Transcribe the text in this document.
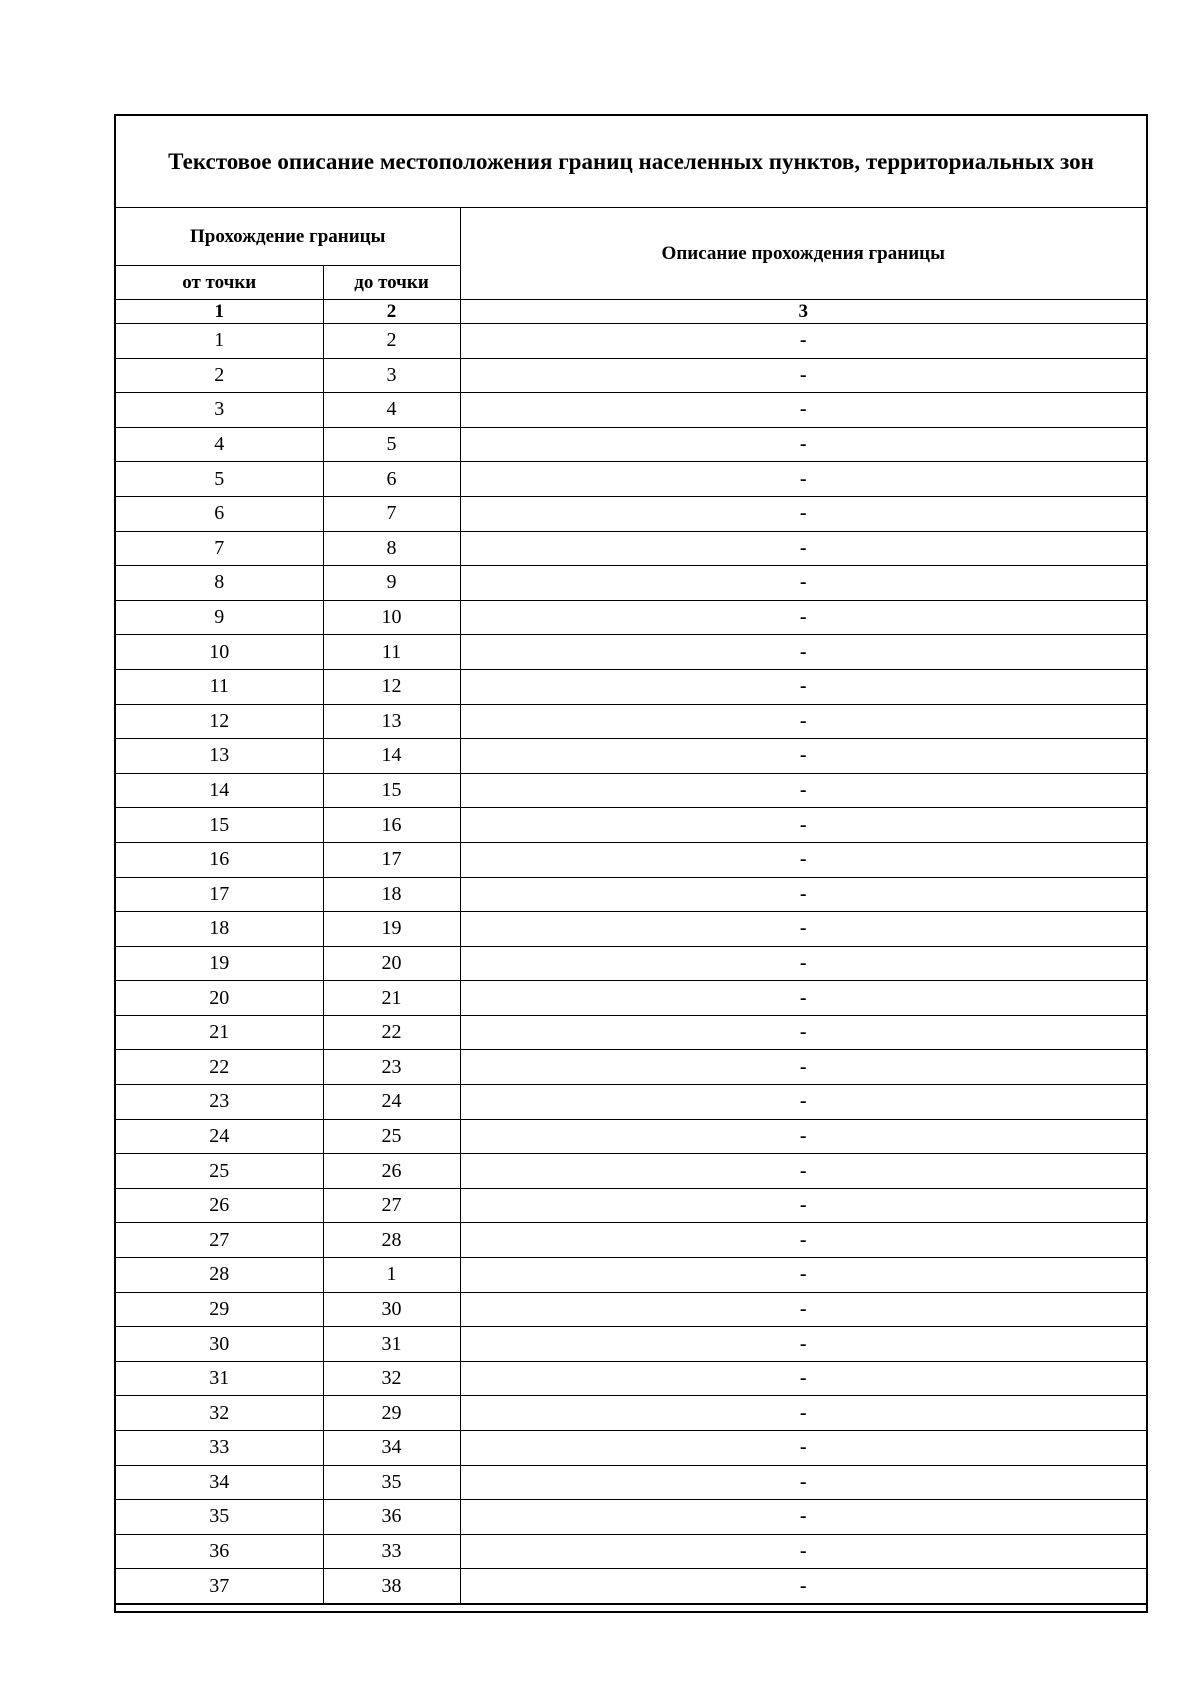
Текстовое описание местоположения границ населенных пунктов, территориальных зон		
Прохождение границы		Описание прохождения границы
от точки	до точки	
1	2	3
1	2	-
2	3	-
3	4	-
4	5	-
5	6	-
6	7	-
7	8	-
8	9	-
9	10	-
10	11	-
11	12	-
12	13	-
13	14	-
14	15	-
15	16	-
16	17	-
17	18	-
18	19	-
19	20	-
20	21	-
21	22	-
22	23	-
23	24	-
24	25	-
25	26	-
26	27	-
27	28	-
28	1	-
29	30	-
30	31	-
31	32	-
32	29	-
33	34	-
34	35	-
35	36	-
36	33	-
37	38	-
